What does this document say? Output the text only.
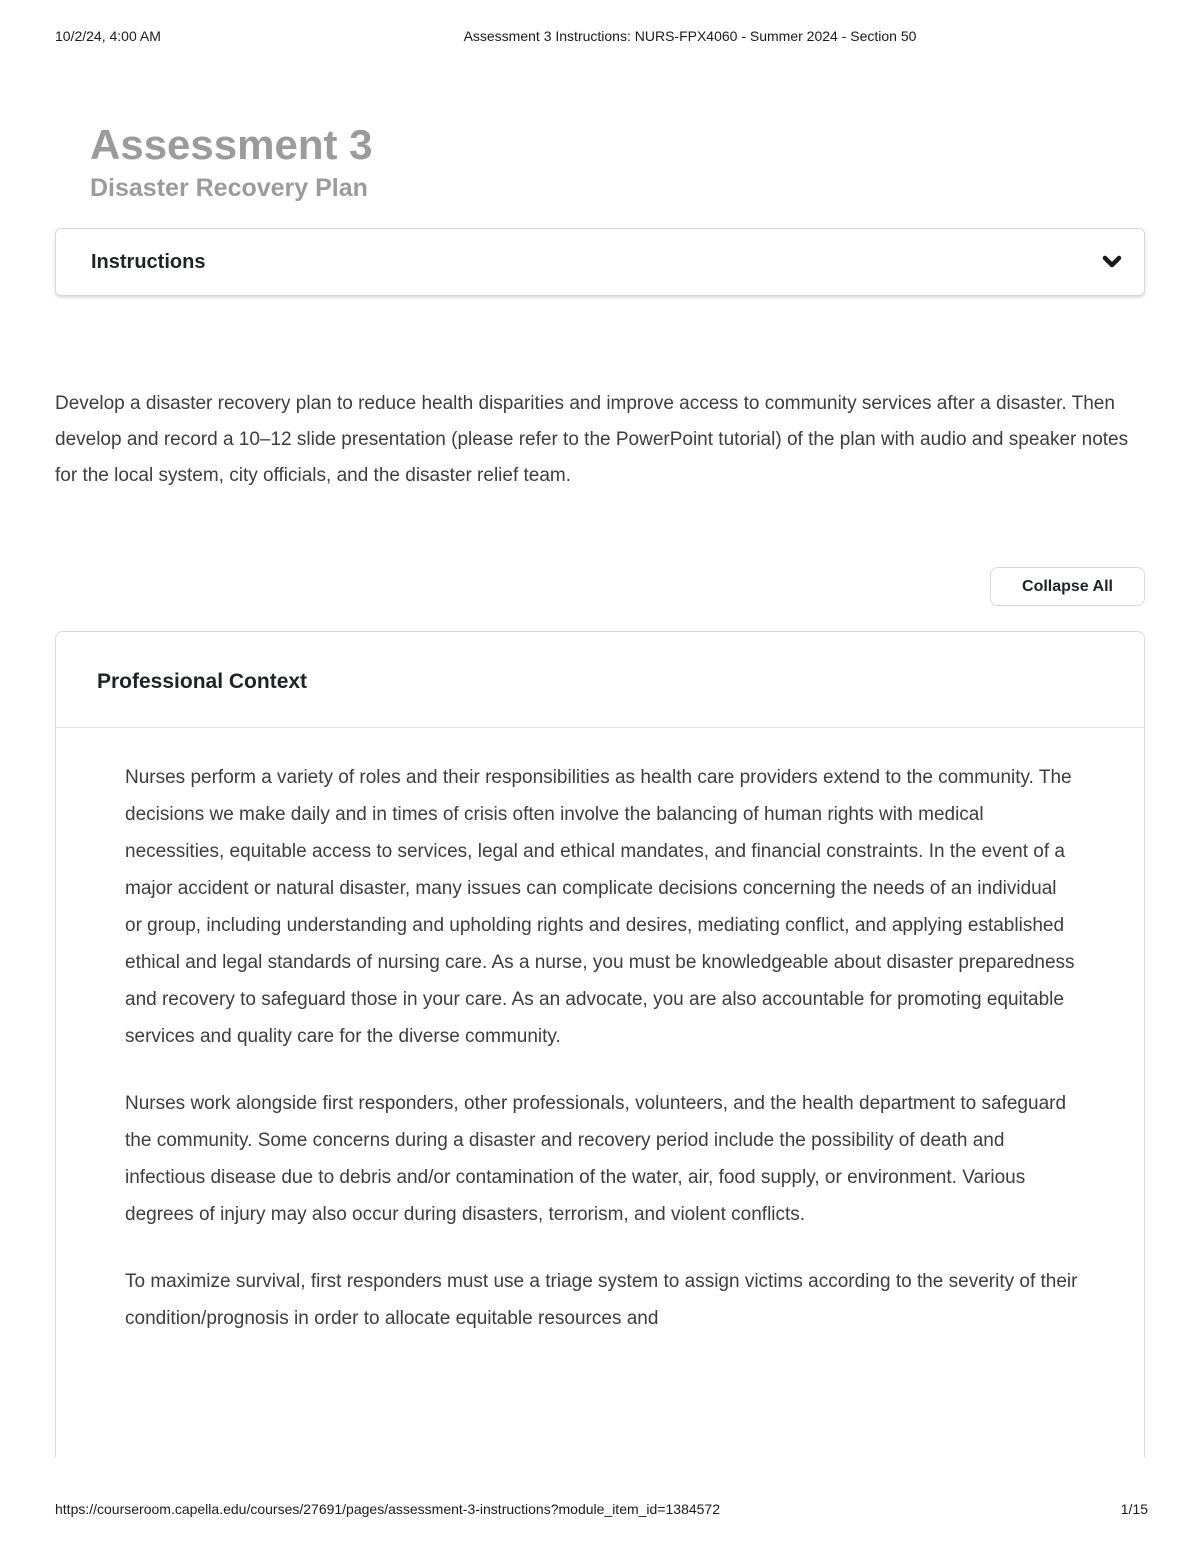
10/2/24, 4:00 AM	Assessment 3 Instructions: NURS-FPX4060 - Summer 2024 - Section 50
Assessment 3
Disaster Recovery Plan
Instructions

Develop a disaster recovery plan to reduce health disparities and improve access to community services after a disaster. Then develop and record a 10–12 slide presentation (please refer to the PowerPoint tutorial) of the plan with audio and speaker notes for the local system, city officials, and the disaster relief team.

Collapse All
Professional Context

Nurses perform a variety of roles and their responsibilities as health care providers extend to the community. The decisions we make daily and in times of crisis often involve the balancing of human rights with medical necessities, equitable access to services, legal and ethical mandates, and financial constraints. In the event of a major accident or natural disaster, many issues can complicate decisions concerning the needs of an individual or group, including understanding and upholding rights and desires, mediating conflict, and applying established ethical and legal standards of nursing care. As a nurse, you must be knowledgeable about disaster preparedness and recovery to safeguard those in your care. As an advocate, you are also accountable for promoting equitable services and quality care for the diverse community.

Nurses work alongside first responders, other professionals, volunteers, and the health department to safeguard the community. Some concerns during a disaster and recovery period include the possibility of death and infectious disease due to debris and/or contamination of the water, air, food supply, or environment. Various degrees of injury may also occur during disasters, terrorism, and violent conflicts.

To maximize survival, first responders must use a triage system to assign victims according to the severity of their condition/prognosis in order to allocate equitable resources and

https://courseroom.capella.edu/courses/27691/pages/assessment-3-instructions?module_item_id=1384572	1/15
